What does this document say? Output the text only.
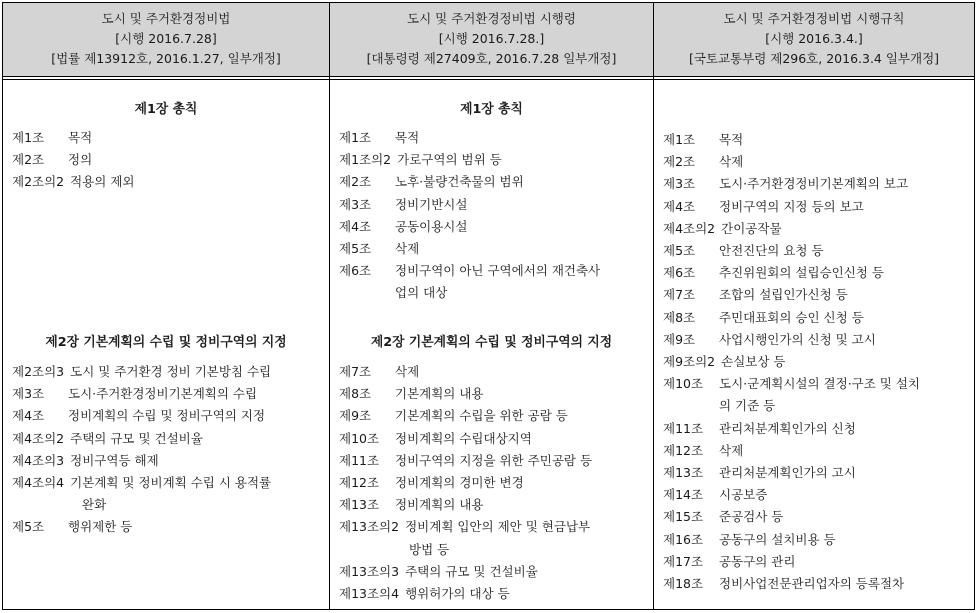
도시 및 주거환경정비법
[시행 2016.7.28]
[법률 제13912호, 2016.1.27, 일부개정]
제1장 총칙
제1조	목적
제2조	정의
제2조의2 적용의 제외
제2장 기본계획의 수립 및 정비구역의 지정
제2조의3 도시 및 주거환경 정비 기본방침 수립
제3조	도시·주거환경정비기본계획의 수립
제4조	정비계획의 수립 및 정비구역의 지정
제4조의2 주택의 규모 및 건설비율
제4조의3 정비구역등 해제
제4조의4 기본계획 및 정비계획 수립 시 용적률
완화
제5조	행위제한 등
도시 및 주거환경정비법 시행령
[시행 2016.7.28.]
[대통령령 제27409호, 2016.7.28 일부개정]
제1장 총칙
제1조	목적
제1조의2 가로구역의 범위 등
제2조	노후·불량건축물의 범위
제3조	정비기반시설
제4조	공동이용시설
제5조	삭제
제6조	정비구역이 아닌 구역에서의 재건축사
업의 대상
제2장 기본계획의 수립 및 정비구역의 지정
제7조	삭제
제8조	기본계획의 내용
제9조	기본계획의 수립을 위한 공람 등
제10조	정비계획의 수립대상지역
제11조	정비구역의 지정을 위한 주민공람 등
제12조	정비계획의 경미한 변경
제13조	정비계획의 내용
제13조의2 정비계획 입안의 제안 및 현금납부
방법 등
제13조의3 주택의 규모 및 건설비율
제13조의4 행위허가의 대상 등
도시 및 주거환경정비법 시행규칙
[시행 2016.3.4.]
[국토교통부령 제296호, 2016.3.4 일부개정]
제1조	목적
제2조	삭제
제3조	도시·주거환경정비기본계획의 보고
제4조	정비구역의 지정 등의 보고
제4조의2 간이공작물
제5조	안전진단의 요청 등
제6조	추진위원회의 설립승인신청 등
제7조	조합의 설립인가신청 등
제8조	주민대표회의 승인 신청 등
제9조	사업시행인가의 신청 및 고시
제9조의2 손실보상 등
제10조	도시·군계획시설의 결정·구조 및 설치
의 기준 등
제11조	관리처분계획인가의 신청
제12조	삭제
제13조	관리처분계획인가의 고시
제14조	시공보증
제15조	준공검사 등
제16조	공동구의 설치비용 등
제17조	공동구의 관리
제18조	정비사업전문관리업자의 등록절차
